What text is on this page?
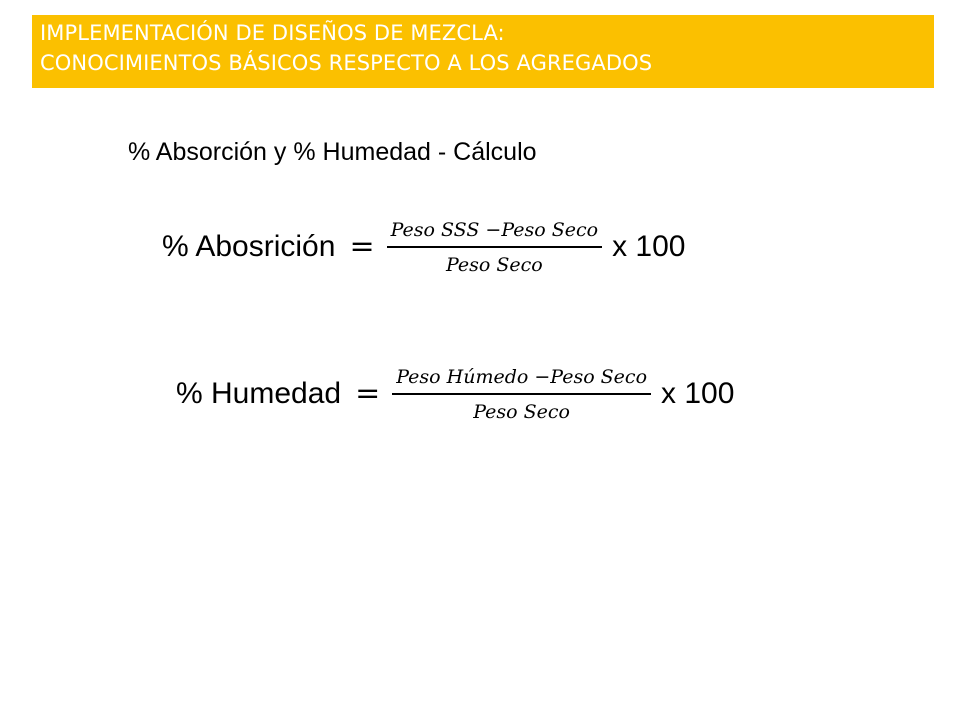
IMPLEMENTACIÓN DE DISEÑOS DE MEZCLA:
CONOCIMIENTOS BÁSICOS RESPECTO A LOS AGREGADOS
% Absorción y % Humedad - Cálculo
% Abosrición = $\frac{\text{Peso SSS −Peso Seco}}{\text{Peso Seco}}$ x 100
% Humedad = $\frac{\text{Peso Húmedo −Peso Seco}}{\text{Peso Seco}}$ x 100
